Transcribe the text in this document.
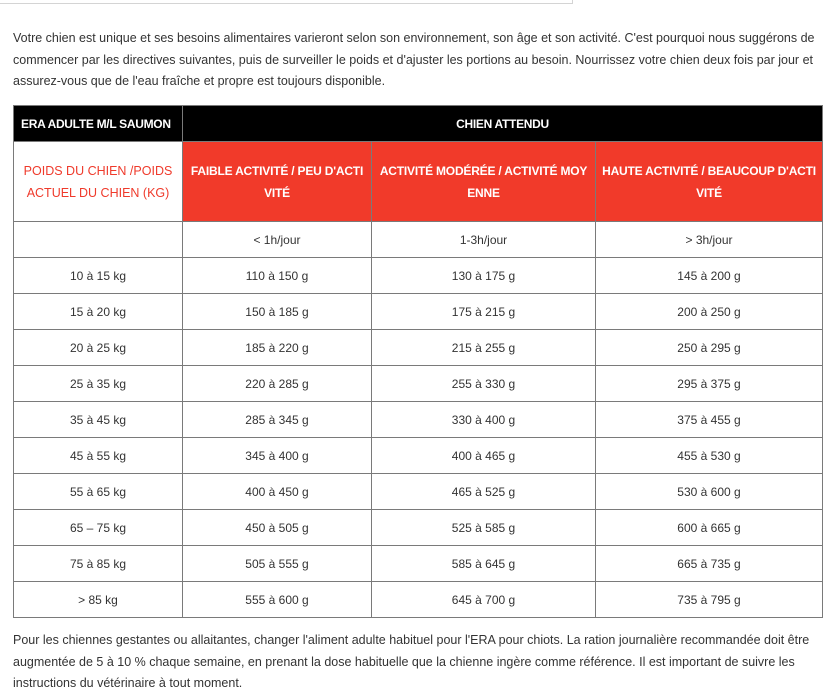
Votre chien est unique et ses besoins alimentaires varieront selon son environnement, son âge et son activité. C'est pourquoi nous suggérons de commencer par les directives suivantes, puis de surveiller le poids et d'ajuster les portions au besoin. Nourrissez votre chien deux fois par jour et assurez-vous que de l'eau fraîche et propre est toujours disponible.

ERA ADULTE M/L SAUMON	CHIEN ATTENDU		
POIDS DU CHIEN /POIDS ACTUEL DU CHIEN (KG)	FAIBLE ACTIVITÉ / PEU D'ACTIVITÉ	ACTIVITÉ MODÉRÉE / ACTIVITÉ MOYENNE	HAUTE ACTIVITÉ / BEAUCOUP D'ACTIVITÉ
	< 1h/jour	1-3h/jour	> 3h/jour
10 à 15 kg	110 à 150 g	130 à 175 g	145 à 200 g
15 à 20 kg	150 à 185 g	175 à 215 g	200 à 250 g
20 à 25 kg	185 à 220 g	215 à 255 g	250 à 295 g
25 à 35 kg	220 à 285 g	255 à 330 g	295 à 375 g
35 à 45 kg	285 à 345 g	330 à 400 g	375 à 455 g
45 à 55 kg	345 à 400 g	400 à 465 g	455 à 530 g
55 à 65 kg	400 à 450 g	465 à 525 g	530 à 600 g
65 – 75 kg	450 à 505 g	525 à 585 g	600 à 665 g
75 à 85 kg	505 à 555 g	585 à 645 g	665 à 735 g
> 85 kg	555 à 600 g	645 à 700 g	735 à 795 g

Pour les chiennes gestantes ou allaitantes, changer l'aliment adulte habituel pour l'ERA pour chiots. La ration journalière recommandée doit être augmentée de 5 à 10 % chaque semaine, en prenant la dose habituelle que la chienne ingère comme référence. Il est important de suivre les instructions du vétérinaire à tout moment.
